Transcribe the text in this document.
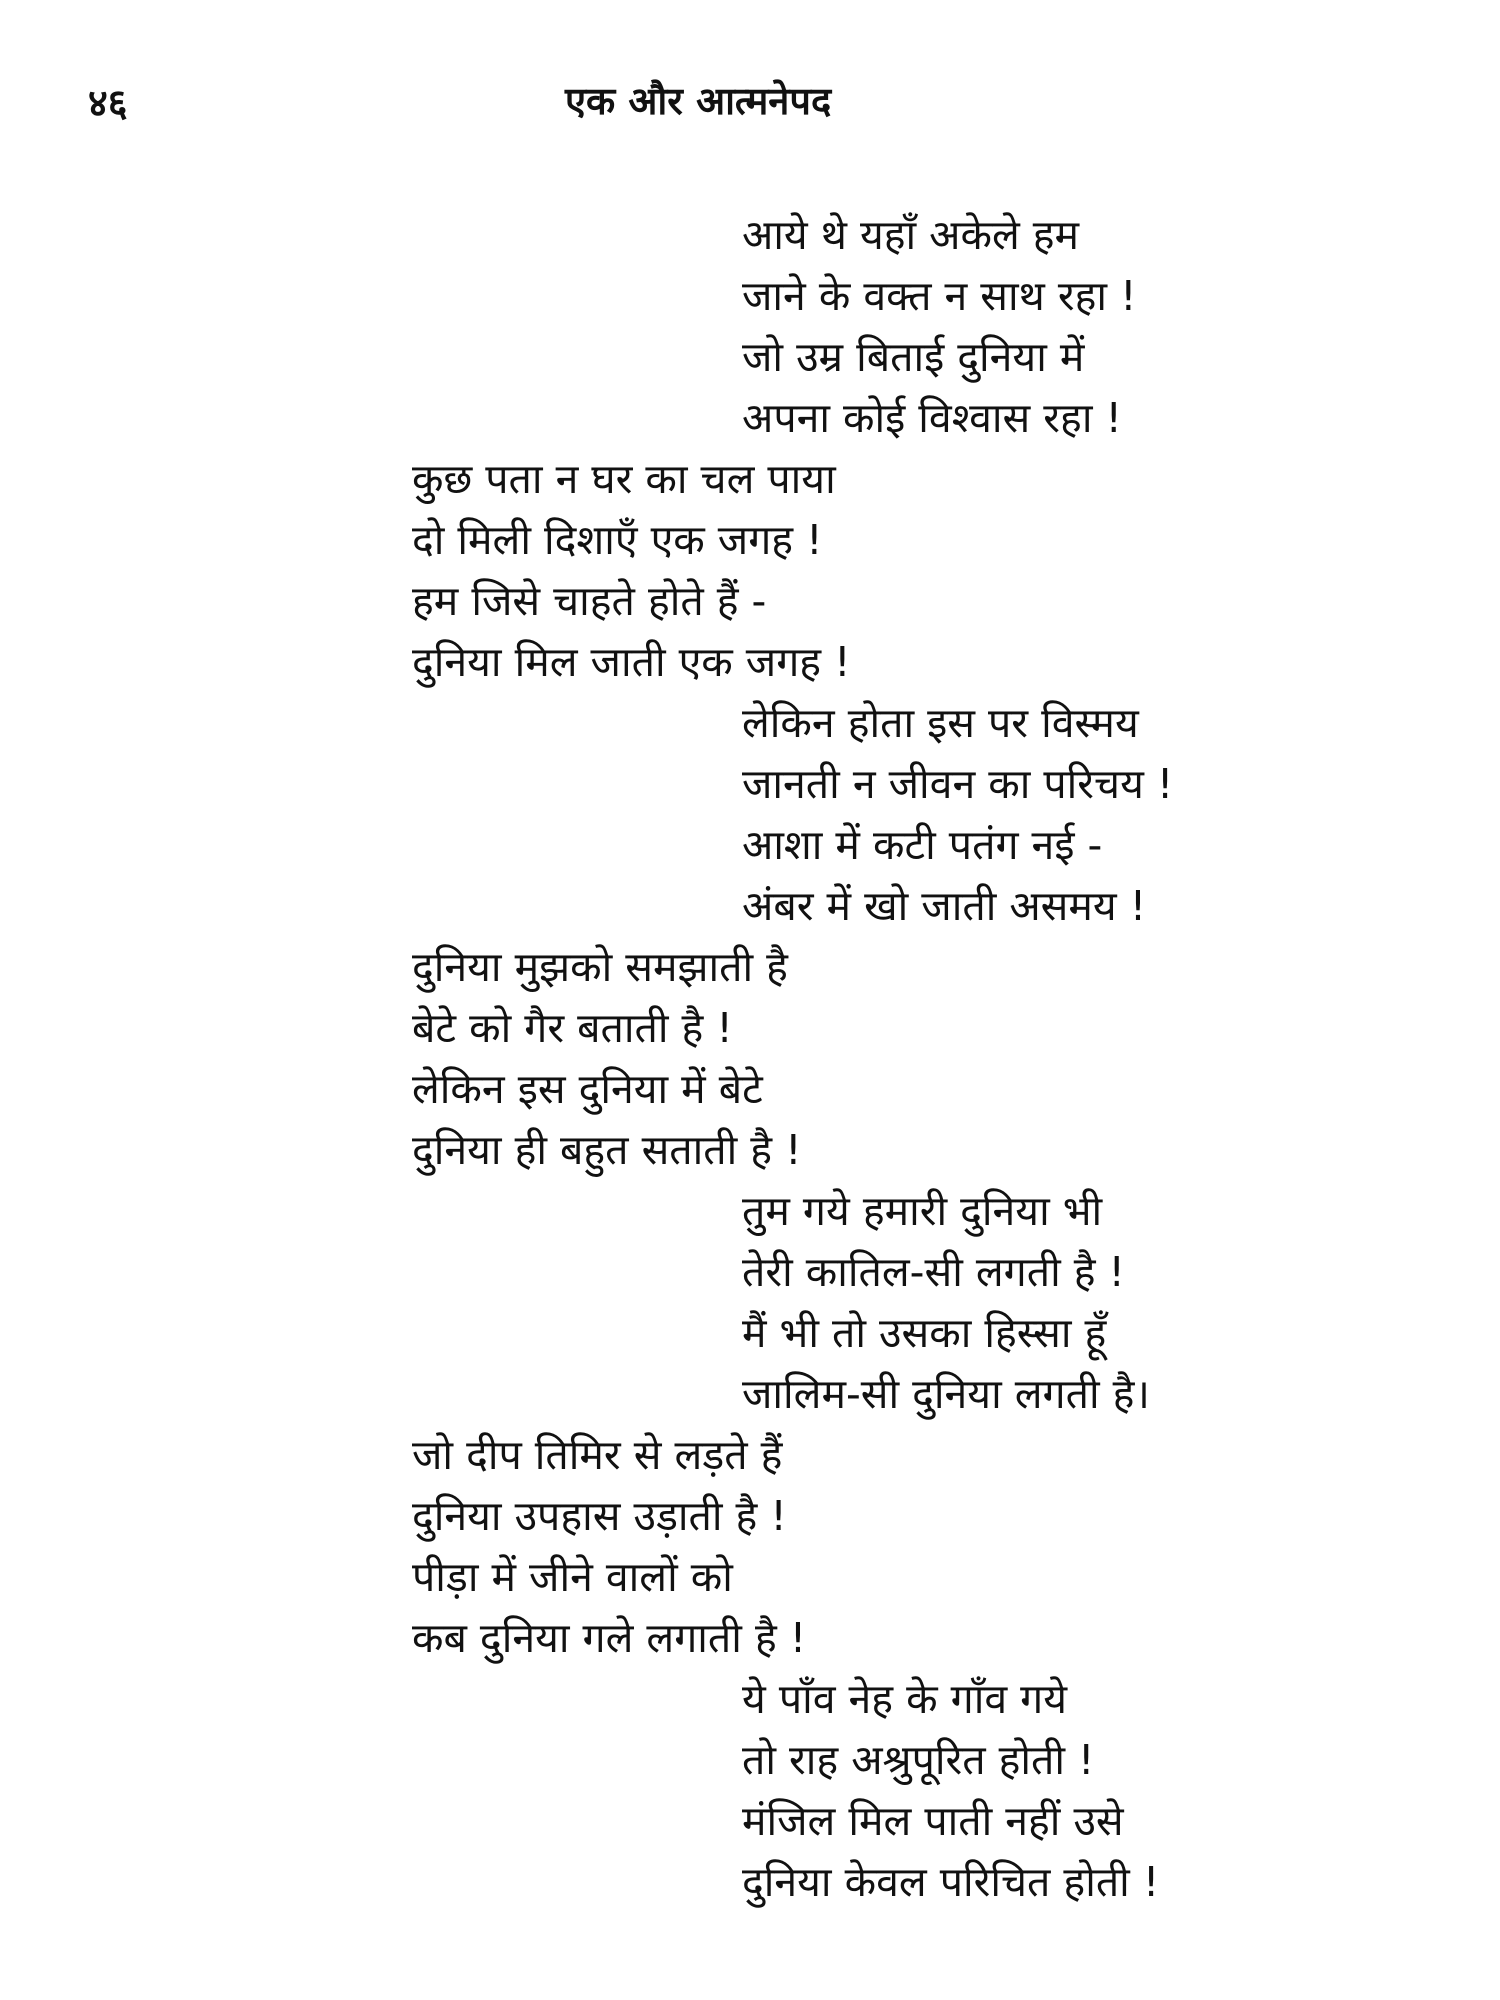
४६	एक और आत्मनेपद
आये थे यहाँ अकेले हम
जाने के वक्त न साथ रहा !
जो उम्र बिताई दुनिया में
अपना कोई विश्वास रहा !
कुछ पता न घर का चल पाया
दो मिली दिशाएँ एक जगह !
हम जिसे चाहते होते हैं -
दुनिया मिल जाती एक जगह !
लेकिन होता इस पर विस्मय
जानती न जीवन का परिचय !
आशा में कटी पतंग नई -
अंबर में खो जाती असमय !
दुनिया मुझको समझाती है
बेटे को गैर बताती है !
लेकिन इस दुनिया में बेटे
दुनिया ही बहुत सताती है !
तुम गये हमारी दुनिया भी
तेरी कातिल-सी लगती है !
मैं भी तो उसका हिस्सा हूँ
जालिम-सी दुनिया लगती है।
जो दीप तिमिर से लड़ते हैं
दुनिया उपहास उड़ाती है !
पीड़ा में जीने वालों को
कब दुनिया गले लगाती है !
ये पाँव नेह के गाँव गये
तो राह अश्रुपूरित होती !
मंजिल मिल पाती नहीं उसे
दुनिया केवल परिचित होती !
